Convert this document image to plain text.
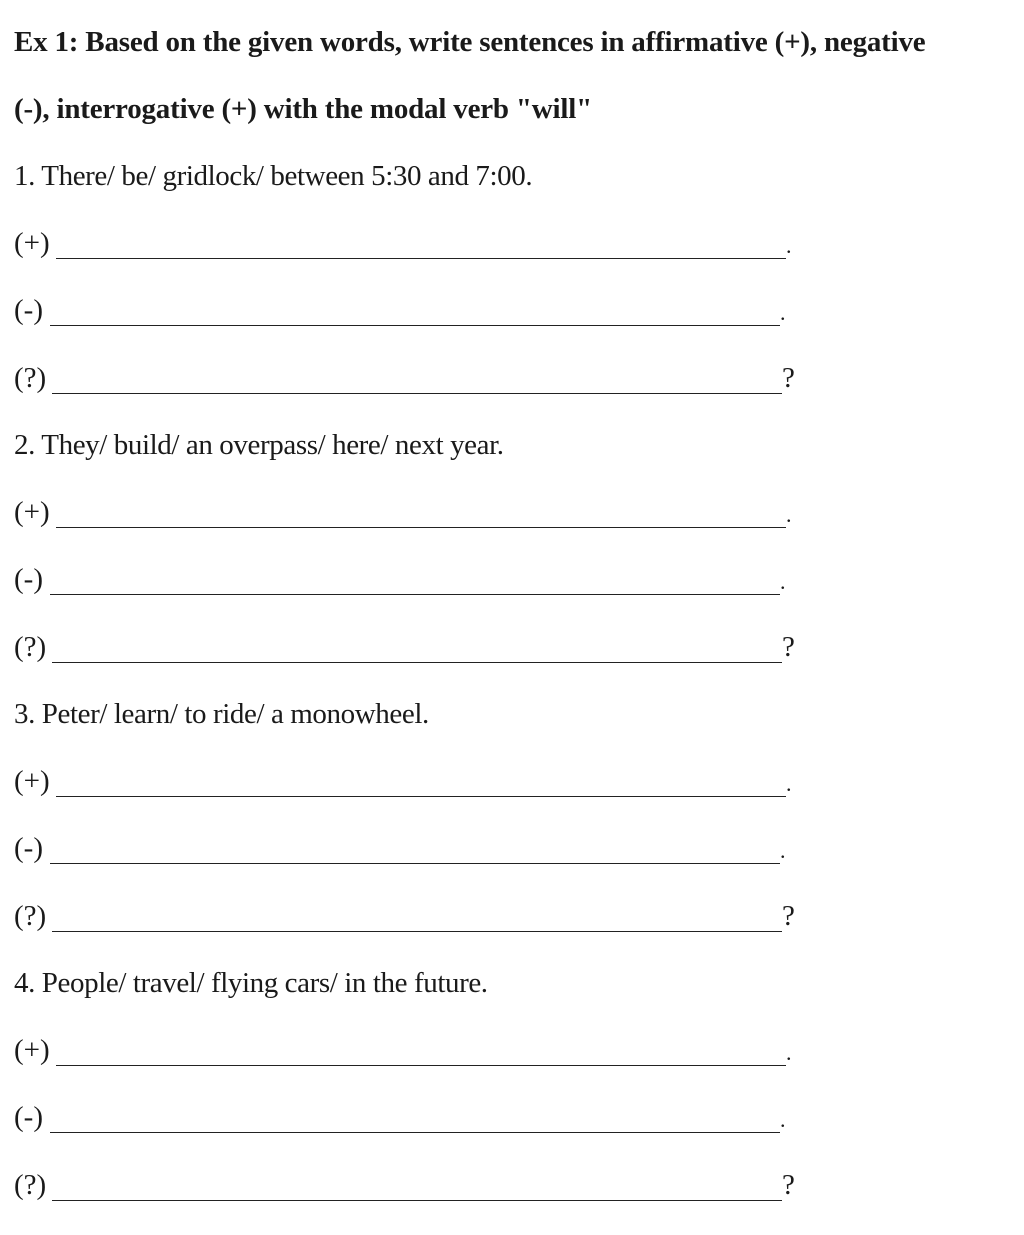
Ex 1: Based on the given words, write sentences in affirmative (+), negative
(-), interrogative (+) with the modal verb "will"
1. There/ be/ gridlock/ between 5:30 and 7:00.
(+)	.
(-)	.
(?)	?
2. They/ build/ an overpass/ here/ next year.
(+)	.
(-)	.
(?)	?
3. Peter/ learn/ to ride/ a monowheel.
(+)	.
(-)	.
(?)	?
4. People/ travel/ flying cars/ in the future.
(+)	.
(-)	.
(?)	?
